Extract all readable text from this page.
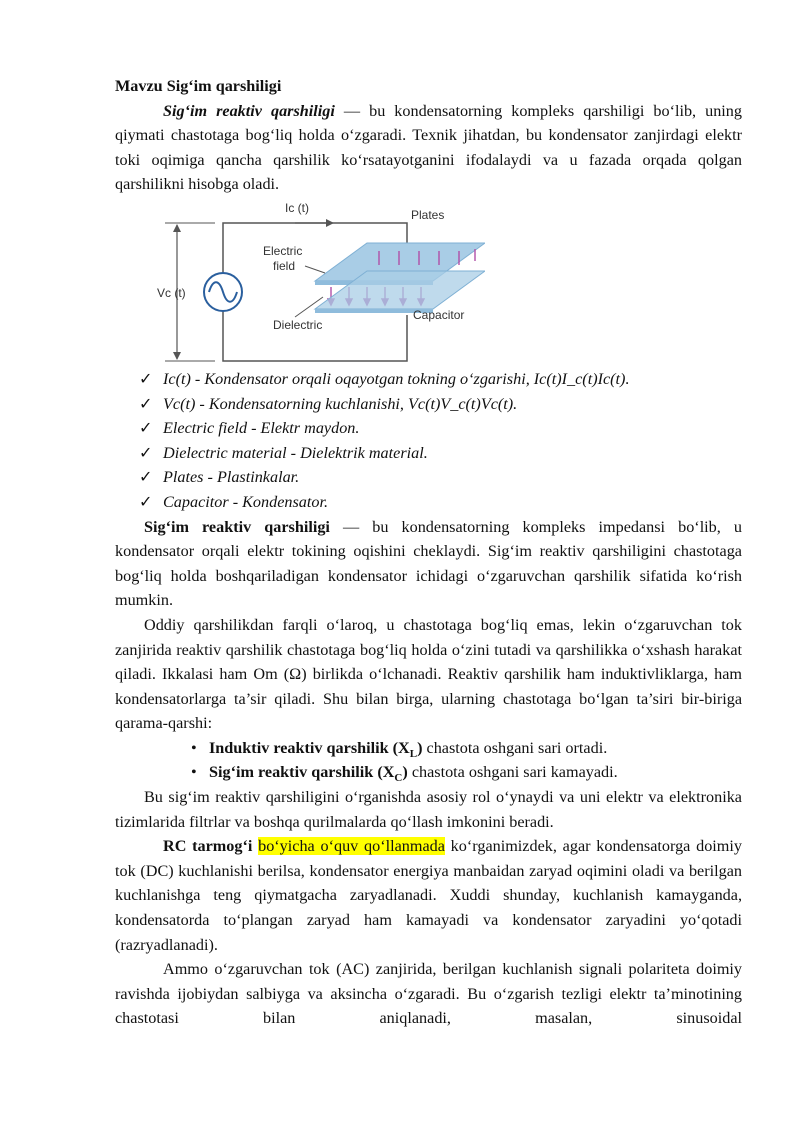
Mavzu Sig‘im qarshiligi

Sig‘im reaktiv qarshiligi — bu kondensatorning kompleks qarshiligi bo‘lib, uning qiymati chastotaga bog‘liq holda o‘zgaradi. Texnik jihatdan, bu kondensator zanjirdagi elektr toki oqimiga qancha qarshilik ko‘rsatayotganini ifodalaydi va u fazada orqada qolgan qarshilikni hisobga oladi.

Vc (t)
Ic (t)	Plates
Electric
field
Dielectric
Capacitor
✓ Ic(t) - Kondensator orqali oqayotgan tokning o‘zgarishi, Ic(t)I_c(t)Ic(t).
✓ Vc(t) - Kondensatorning kuchlanishi, Vc(t)V_c(t)Vc(t).
✓ Electric field - Elektr maydon.
✓ Dielectric material - Dielektrik material.
✓ Plates - Plastinkalar.
✓ Capacitor - Kondensator.

Sig‘im reaktiv qarshiligi — bu kondensatorning kompleks impedansi bo‘lib, u kondensator orqali elektr tokining oqishini cheklaydi. Sig‘im reaktiv qarshiligini chastotaga bog‘liq holda boshqariladigan kondensator ichidagi o‘zgaruvchan qarshilik sifatida ko‘rish mumkin.

Oddiy qarshilikdan farqli o‘laroq, u chastotaga bog‘liq emas, lekin o‘zgaruvchan tok zanjirida reaktiv qarshilik chastotaga bog‘liq holda o‘zini tutadi va qarshilikka o‘xshash harakat qiladi. Ikkalasi ham Om (Ω) birlikda o‘lchanadi. Reaktiv qarshilik ham induktivliklarga, ham kondensatorlarga ta’sir qiladi. Shu bilan birga, ularning chastotaga bo‘lgan ta’siri bir-biriga qarama-qarshi:

• Induktiv reaktiv qarshilik $(X_L)$ chastota oshgani sari ortadi.
• Sig‘im reaktiv qarshilik $(X_C)$ chastota oshgani sari kamayadi.

Bu sig‘im reaktiv qarshiligini o‘rganishda asosiy rol o‘ynaydi va uni elektr va elektronika tizimlarida filtrlar va boshqa qurilmalarda qo‘llash imkonini beradi.

RC tarmog‘i bo‘yicha o‘quv qo‘llanmada ko‘rganimizdek, agar kondensatorga doimiy tok (DC) kuchlanishi berilsa, kondensator energiya manbaidan zaryad oqimini oladi va berilgan kuchlanishga teng qiymatgacha zaryadlanadi. Xuddi shunday, kuchlanish kamayganda, kondensatorda to‘plangan zaryad ham kamayadi va kondensator zaryadini yo‘qotadi (razryadlanadi).

Ammo o‘zgaruvchan tok (AC) zanjirida, berilgan kuchlanish signali polariteta doimiy ravishda ijobiydan salbiyga va aksincha o‘zgaradi. Bu o‘zgarish tezligi elektr ta’minotining chastotasi bilan aniqlanadi, masalan, sinusoidal
